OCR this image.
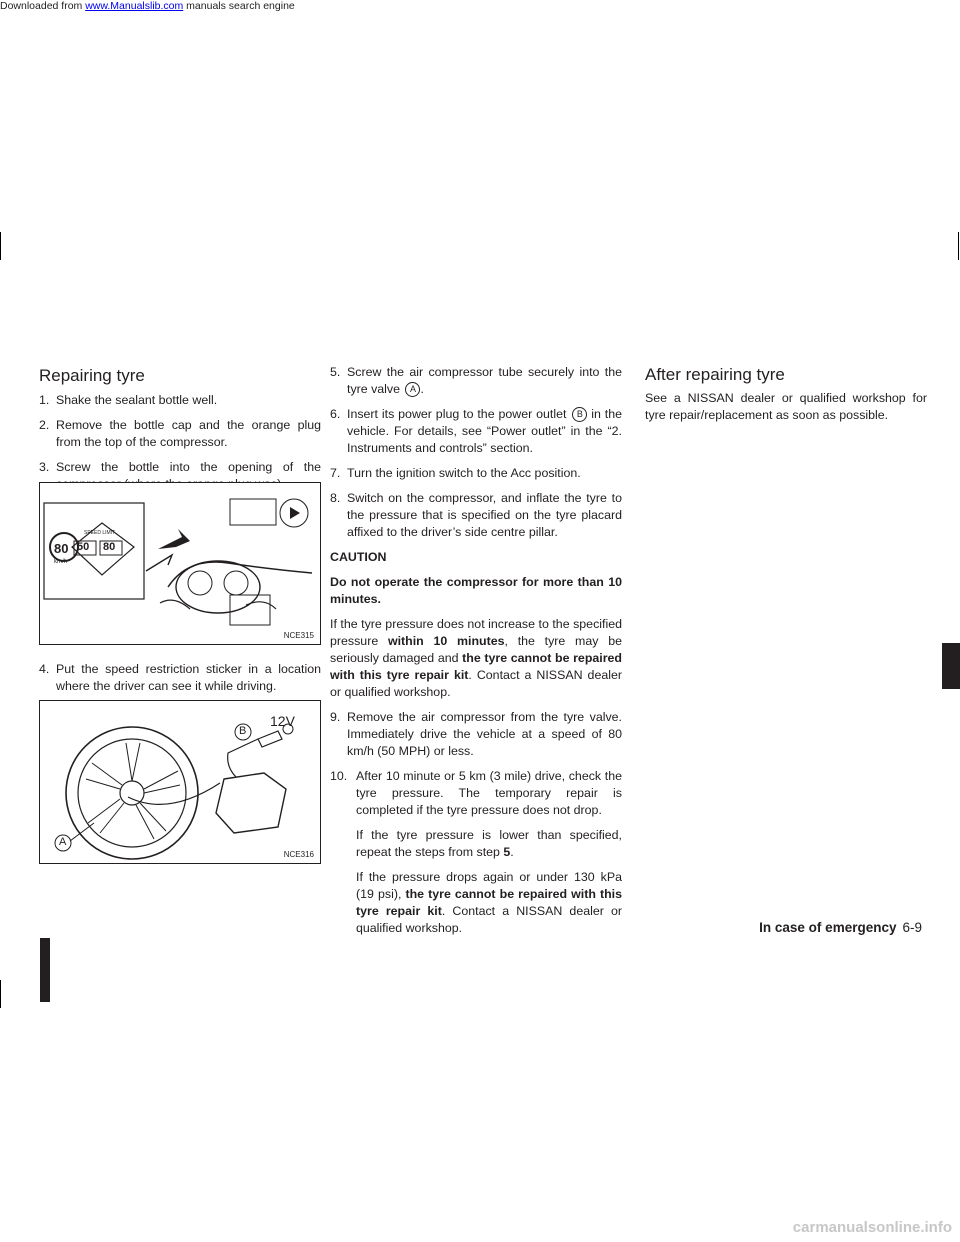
Downloaded from www.Manualslib.com manuals search engine
Repairing tyre
1. Shake the sealant bottle well.
2. Remove the bottle cap and the orange plug from the top of the compressor.
3. Screw the bottle into the opening of the
80
km/h
SPEED LIMIT
50 80
NCE315
4. Put the speed restriction sticker in a location where the driver can see it while driving.
B
12V
A
NCE316
5. Screw the air compressor tube securely into the tyre valve A .
6. Insert its power plug to the power outlet B in the vehicle. For details, see “Power outlet” in the “2. Instruments and controls” section.
7. Turn the ignition switch to the Acc position.
8. Switch on the compressor, and inflate the tyre to the pressure that is specified on the tyre placard affixed to the driver’s side centre pillar.

CAUTION

Do not operate the compressor for more than 10 minutes.

If the tyre pressure does not increase to the specified pressure within 10 minutes, the tyre may be seriously damaged and the tyre cannot be repaired with this tyre repair kit. Contact a NISSAN dealer or qualified workshop.

9. Remove the air compressor from the tyre valve. Immediately drive the vehicle at a speed of 80 km/h (50 MPH) or less.
10. After 10 minute or 5 km (3 mile) drive, check the tyre pressure. The temporary repair is completed if the tyre pressure does not drop.
If the tyre pressure is lower than specified, repeat the steps from step 5.
If the pressure drops again or under 130 kPa (19 psi), the tyre cannot be repaired with this tyre repair kit. Contact a NISSAN dealer or qualified workshop.
After repairing tyre

See a NISSAN dealer or qualified workshop for tyre repair/replacement as soon as possible.

In case of emergency 6-9
carmanualsonline.info
